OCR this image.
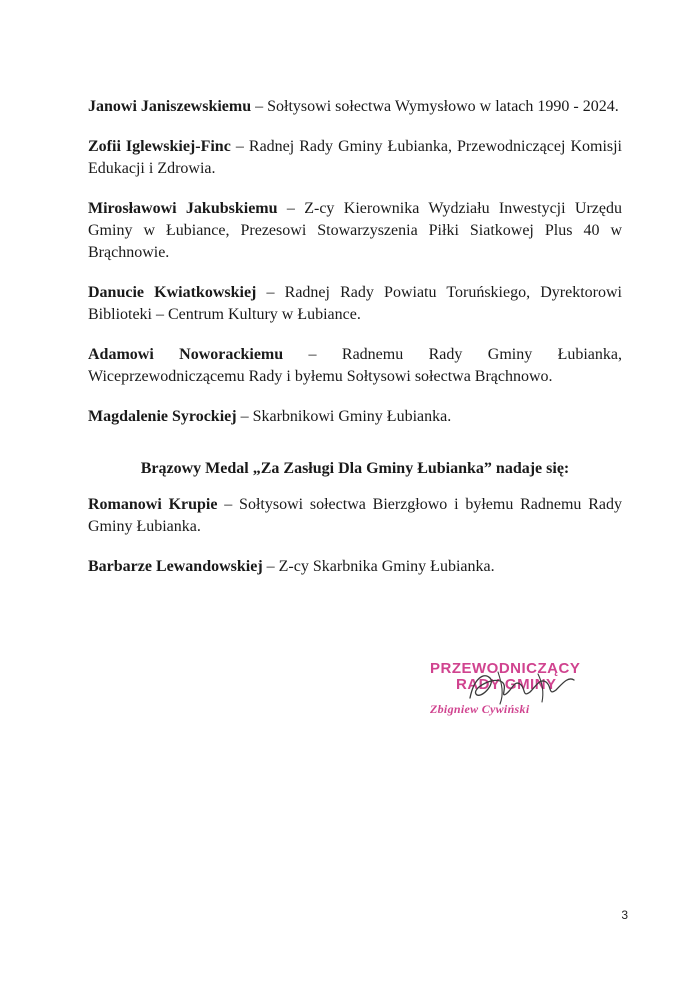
Janowi Janiszewskiemu – Sołtysowi sołectwa Wymysłowo w latach 1990 - 2024.

Zofii Iglewskiej-Finc – Radnej Rady Gminy Łubianka, Przewodniczącej Komisji Edukacji i Zdrowia.

Mirosławowi Jakubskiemu – Z-cy Kierownika Wydziału Inwestycji Urzędu Gminy w Łubiance, Prezesowi Stowarzyszenia Piłki Siatkowej Plus 40 w Brąchnowie.

Danucie Kwiatkowskiej – Radnej Rady Powiatu Toruńskiego, Dyrektorowi Biblioteki – Centrum Kultury w Łubiance.

Adamowi Noworackiemu – Radnemu Rady Gminy Łubianka, Wiceprzewodniczącemu Rady i byłemu Sołtysowi sołectwa Brąchnowo.

Magdalenie Syrockiej – Skarbnikowi Gminy Łubianka.

Brązowy Medal „Za Zasługi Dla Gminy Łubianka” nadaje się:

Romanowi Krupie – Sołtysowi sołectwa Bierzgłowo i byłemu Radnemu Rady Gminy Łubianka.

Barbarze Lewandowskiej – Z-cy Skarbnika Gminy Łubianka.

PRZEWODNICZĄCY
RADY GMINY
Zbigniew Cywiński
3
